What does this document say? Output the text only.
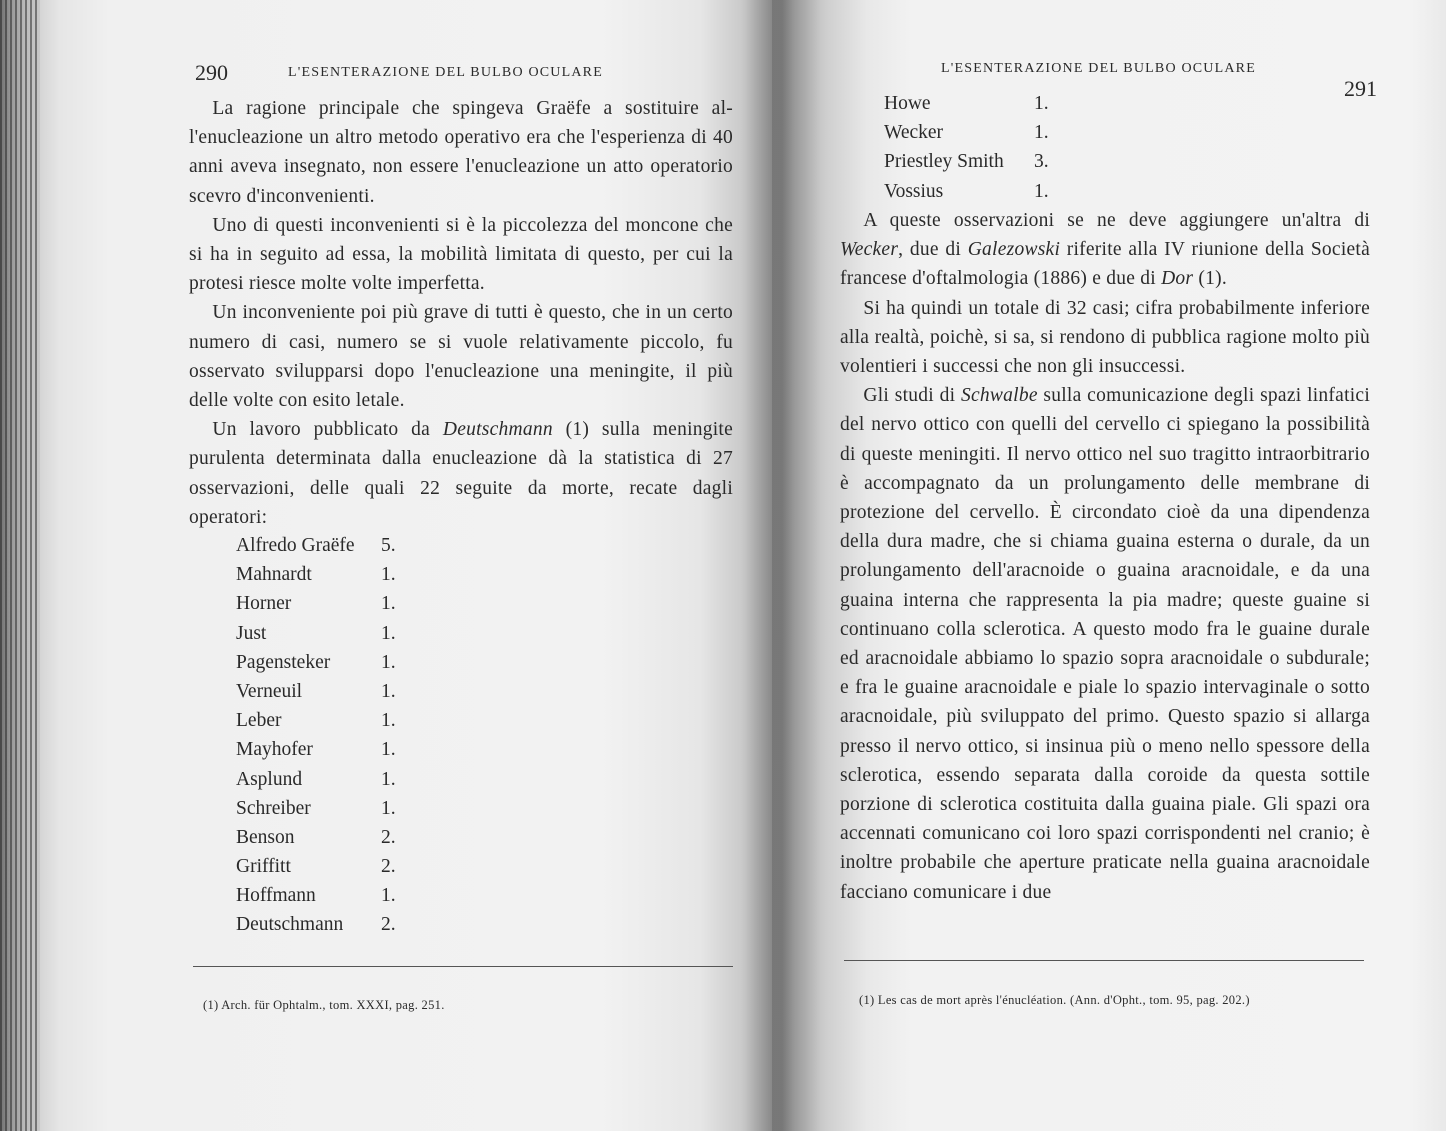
290	L'ESENTERAZIONE DEL BULBO OCULARE

La ragione principale che spingeva Graëfe a sostituire al-l'enucleazione un altro metodo operativo era che l'esperienza di 40 anni aveva insegnato, non essere l'enucleazione un atto operatorio scevro d'inconvenienti.

Uno di questi inconvenienti si è la piccolezza del moncone che si ha in seguito ad essa, la mobilità limitata di questo, per cui la protesi riesce molte volte imperfetta.

Un inconveniente poi più grave di tutti è questo, che in un certo numero di casi, numero se si vuole relativamente piccolo, fu osservato svilupparsi dopo l'enucleazione una meningite, il più delle volte con esito letale.

Un lavoro pubblicato da Deutschmann (1) sulla meningite purulenta determinata dalla enucleazione dà la statistica di 27 osservazioni, delle quali 22 seguite da morte, recate dagli operatori:

Alfredo Graëfe	5.
Mahnardt	1.
Horner	1.
Just	1.
Pagensteker	1.
Verneuil	1.
Leber	1.
Mayhofer	1.
Asplund	1.
Schreiber	1.
Benson	2.
Griffitt	2.
Hoffmann	1.
Deutschmann	2.
(1) Arch. für Ophtalm., tom. XXXI, pag. 251.
L'ESENTERAZIONE DEL BULBO OCULARE
291
Howe	1.
Wecker	1.
Priestley Smith	3.
Vossius	1.

A queste osservazioni se ne deve aggiungere un'altra di Wecker, due di Galezowski riferite alla IV riunione della Società francese d'oftalmologia (1886) e due di Dor (1).

Si ha quindi un totale di 32 casi; cifra probabilmente inferiore alla realtà, poichè, si sa, si rendono di pubblica ragione molto più volentieri i successi che non gli insuccessi.

Gli studi di Schwalbe sulla comunicazione degli spazi linfatici del nervo ottico con quelli del cervello ci spiegano la possibilità di queste meningiti. Il nervo ottico nel suo tragitto intraorbitrario è accompagnato da un prolungamento delle membrane di protezione del cervello. È circondato cioè da una dipendenza della dura madre, che si chiama guaina esterna o durale, da un prolungamento dell'aracnoide o guaina aracnoidale, e da una guaina interna che rappresenta la pia madre; queste guaine si continuano colla sclerotica. A questo modo fra le guaine durale ed aracnoidale abbiamo lo spazio sopra aracnoidale o subdurale; e fra le guaine aracnoidale e piale lo spazio intervaginale o sotto aracnoidale, più sviluppato del primo. Questo spazio si allarga presso il nervo ottico, si insinua più o meno nello spessore della sclerotica, essendo separata dalla coroide da questa sottile porzione di sclerotica costituita dalla guaina piale. Gli spazi ora accennati comunicano coi loro spazi corrispondenti nel cranio; è inoltre probabile che aperture praticate nella guaina aracnoidale facciano comunicare i due

(1) Les cas de mort après l'énucléation. (Ann. d'Opht., tom. 95, pag. 202.)
